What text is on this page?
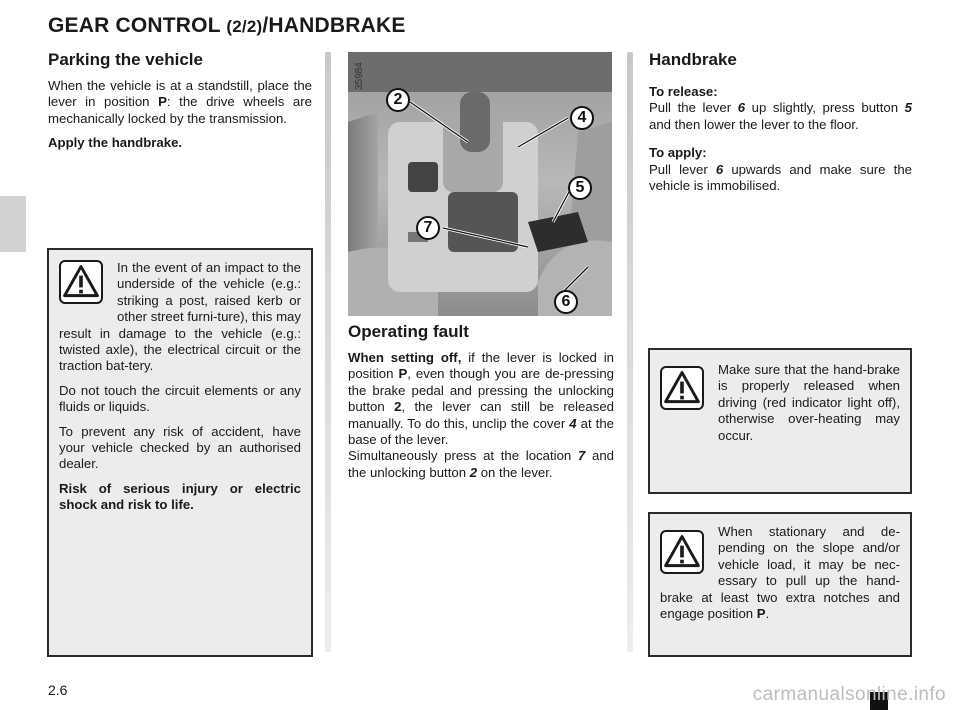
GEAR CONTROL (2/2)/HANDBRAKE
Parking the vehicle

When the vehicle is at a standstill, place the lever in position P: the drive wheels are mechanically locked by the transmission.

Apply the handbrake.

In the event of an impact to the underside of the vehicle (e.g.: striking a post, raised kerb or other street furni-ture), this may result in damage to the vehicle (e.g.: twisted axle), the electrical circuit or the traction bat-tery.

Do not touch the circuit elements or any fluids or liquids.

To prevent any risk of accident, have your vehicle checked by an authorised dealer.

Risk of serious injury or electric shock and risk to life.

35984
2
4
5
7
6
Operating fault

When setting off, if the lever is locked in position P, even though you are de-pressing the brake pedal and pressing the unlocking button 2, the lever can still be released manually. To do this, unclip the cover 4 at the base of the lever.

Simultaneously press at the location 7 and the unlocking button 2 on the lever.

Handbrake

To release:

Pull the lever 6 up slightly, press button 5 and then lower the lever to the floor.

To apply:

Pull lever 6 upwards and make sure the vehicle is immobilised.

Make sure that the hand-brake is properly released when driving (red indicator light off), otherwise over-heating may occur.

When stationary and de-pending on the slope and/or vehicle load, it may be nec-essary to pull up the hand-brake at least two extra notches and engage position P.

2.6	carmanualsonline.info
